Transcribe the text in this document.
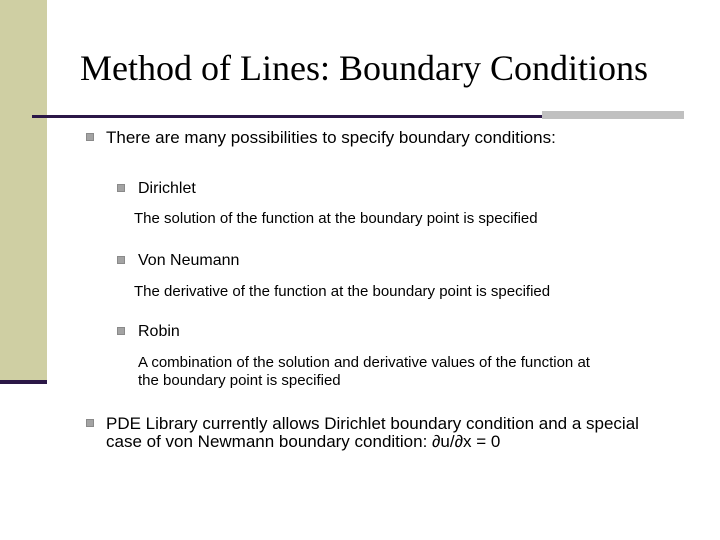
Method of Lines: Boundary Conditions
There are many possibilities to specify boundary conditions:
Dirichlet
The solution of the function at the boundary point is specified
Von Neumann
The derivative of the function at the boundary point is specified
Robin
A combination of the solution and derivative values of the function at
the boundary point is specified
PDE Library currently allows Dirichlet boundary condition and a special
case of von Newmann boundary condition: ∂u/∂x = 0
